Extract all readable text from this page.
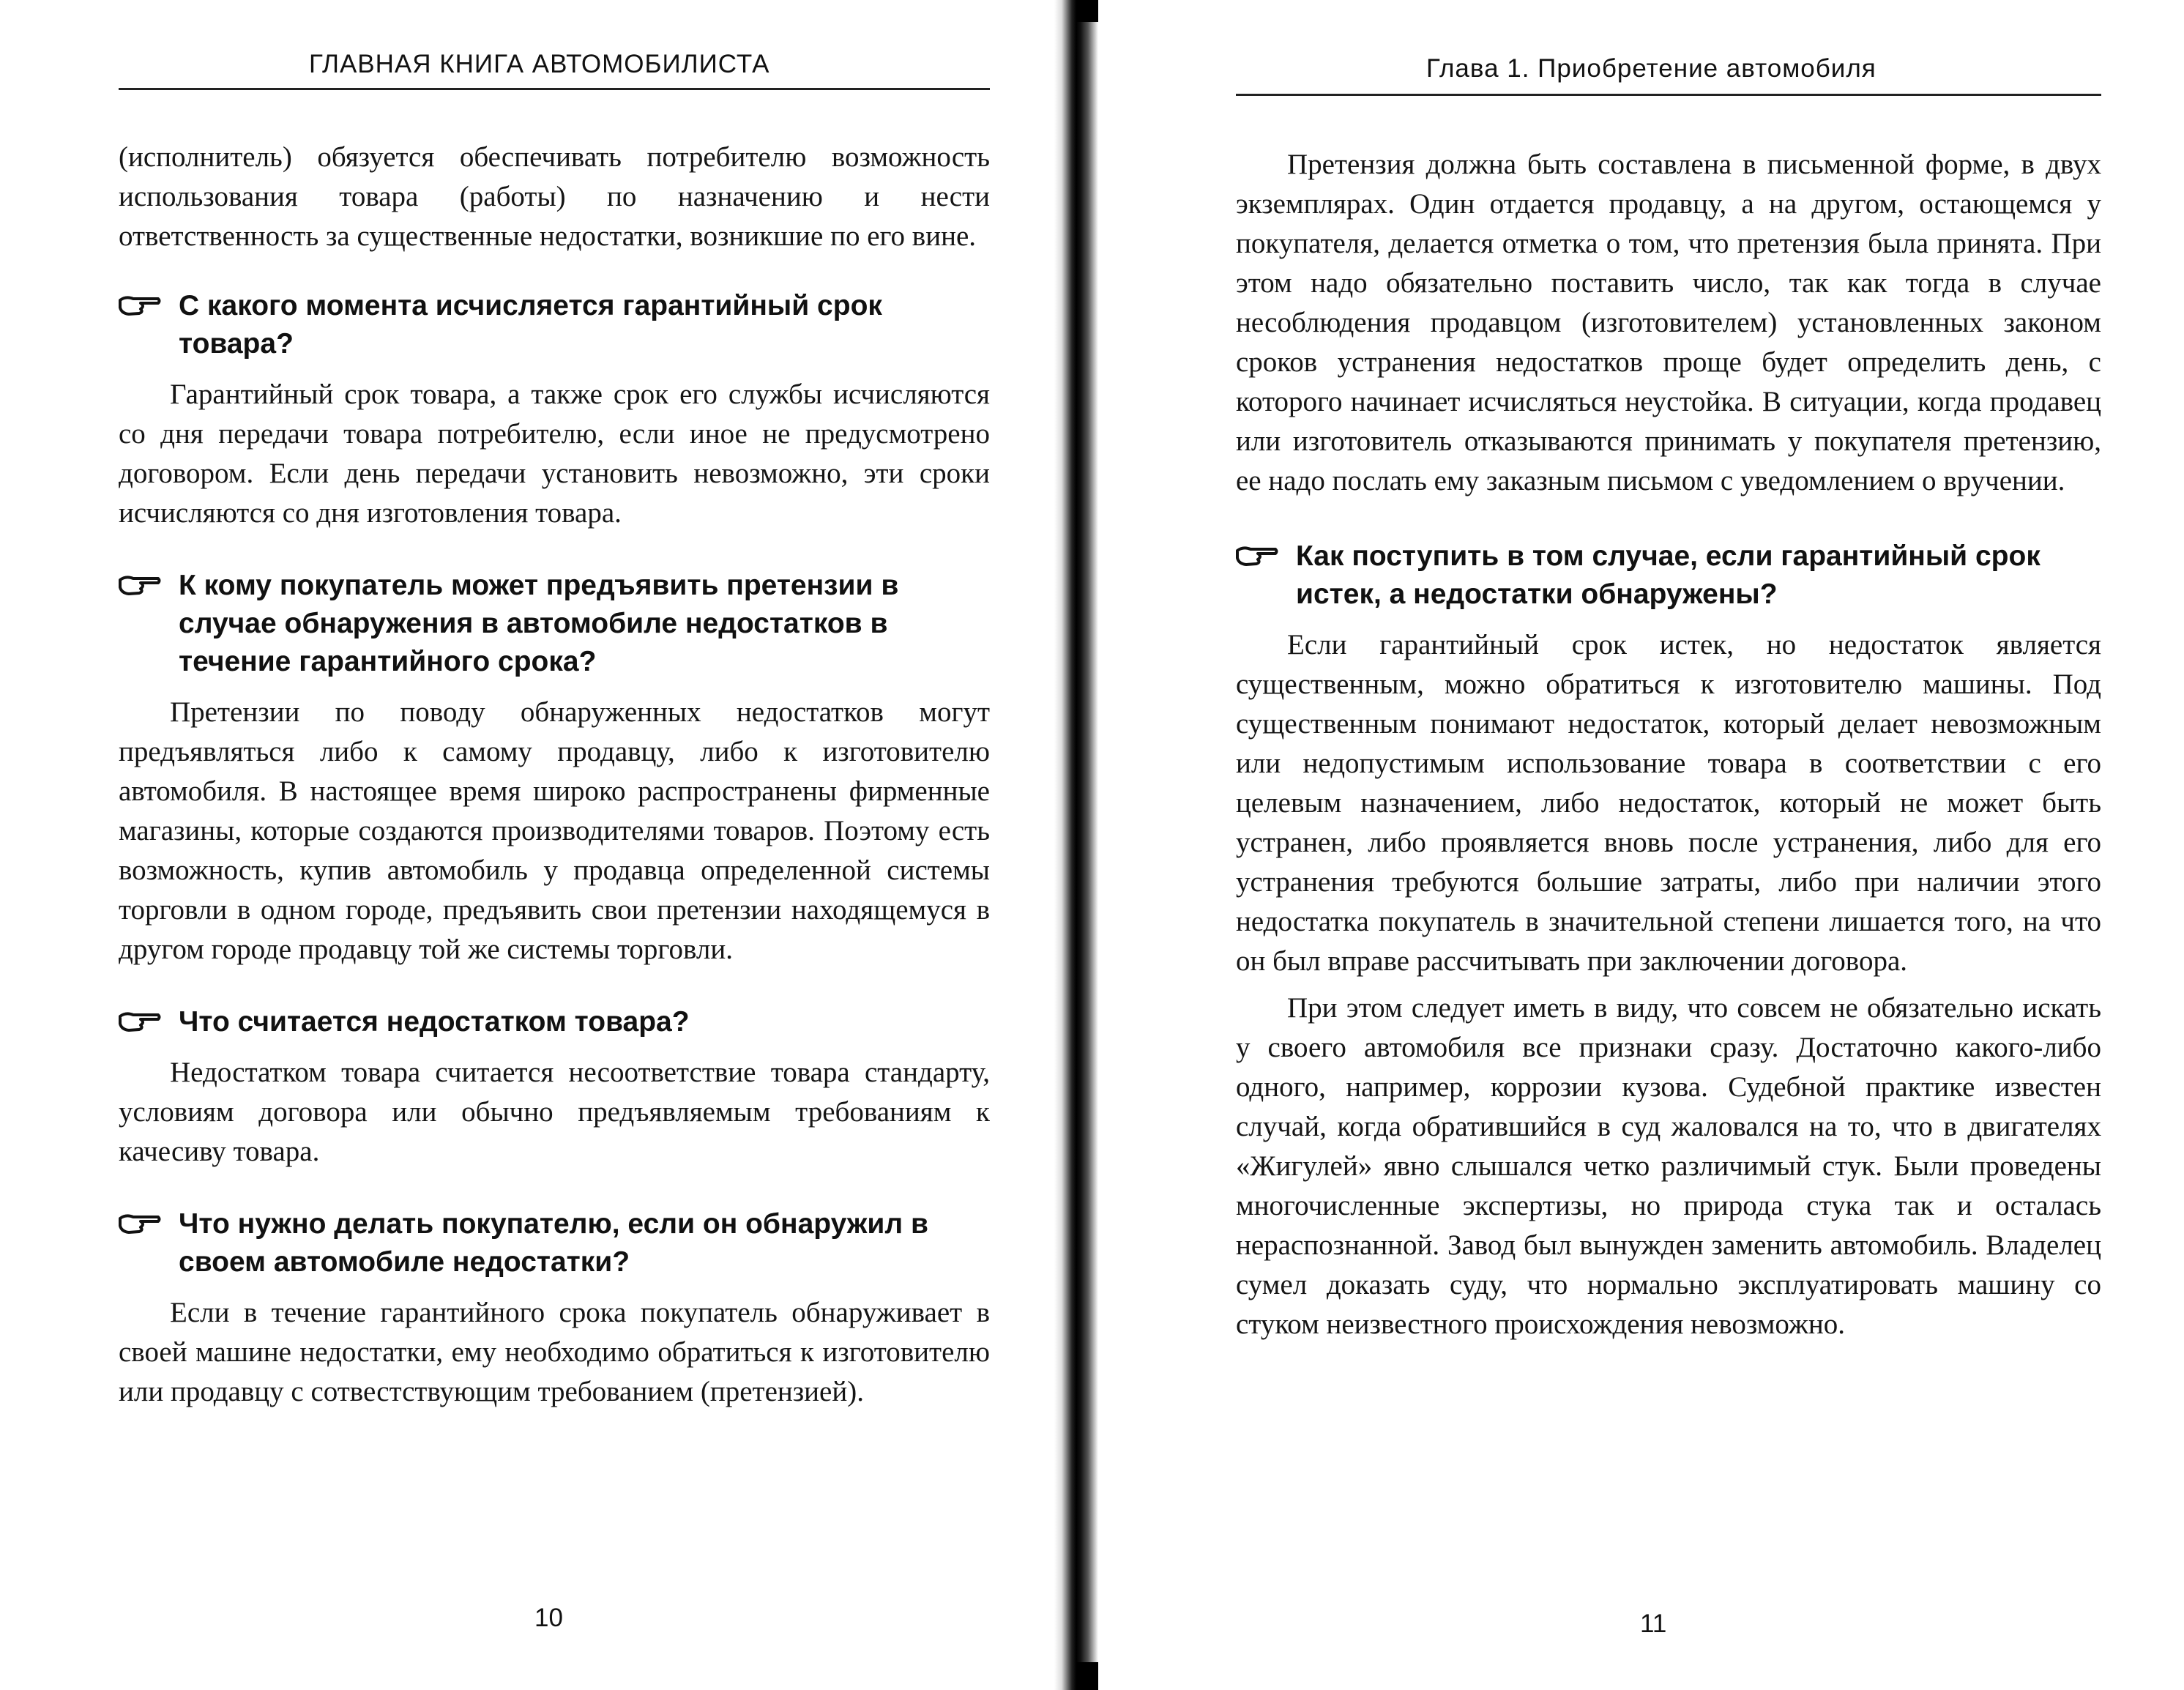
ГЛАВНАЯ КНИГА АВТОМОБИЛИСТА

(исполнитель) обязуется обеспечивать потребителю возможность использования товара (работы) по назначению и нести ответственность за существенные недостатки, возникшие по его вине.

С какого момента исчисляется гарантийный срок товара?

Гарантийный срок товара, а также срок его службы исчисляются со дня передачи товара потребителю, если иное не предусмотрено договором. Если день передачи установить невозможно, эти сроки исчисляются со дня изготовления товара.

К кому покупатель может предъявить претензии в случае обнаружения в автомобиле недостатков в течение гарантийного срока?

Претензии по поводу обнаруженных недостатков могут предъявляться либо к самому продавцу, либо к изготовителю автомобиля. В настоящее время широко распространены фирменные магазины, которые создаются производителями товаров. Поэтому есть возможность, купив автомобиль у продавца определенной системы торговли в одном городе, предъявить свои претензии находящемуся в другом городе продавцу той же системы торговли.

Что считается недостатком товара?

Недостатком товара считается несоответствие товара стандарту, условиям договора или обычно предъявляемым требованиям к качесиву товара.

Что нужно делать покупателю, если он обнаружил в своем автомобиле недостатки?

Если в течение гарантийного срока покупатель обнаруживает в своей машине недостатки, ему необходимо обратиться к изготовителю или продавцу с сотвестствующим требованием (претензией).

10
Глава 1. Приобретение автомобиля

Претензия должна быть составлена в письменной форме, в двух экземплярах. Один отдается продавцу, а на другом, остающемся у покупателя, делается отметка о том, что претензия была принята. При этом надо обязательно поставить число, так как тогда в случае несоблюдения продавцом (изготовителем) установленных законом сроков устранения недостатков проще будет определить день, с которого начинает исчисляться неустойка. В ситуации, когда продавец или изготовитель отказываются принимать у покупателя претензию, ее надо послать ему заказным письмом с уведомлением о вручении.

Как поступить в том случае, если гарантийный срок истек, а недостатки обнаружены?

Если гарантийный срок истек, но недостаток является существенным, можно обратиться к изготовителю машины. Под существенным понимают недостаток, который делает невозможным или недопустимым использование товара в соответствии с его целевым назначением, либо недостаток, который не может быть устранен, либо проявляется вновь после устранения, либо для его устранения требуются большие затраты, либо при наличии этого недостатка покупатель в значительной степени лишается того, на что он был вправе рассчитывать при заключении договора.

При этом следует иметь в виду, что совсем не обязательно искать у своего автомобиля все признаки сразу. Достаточно какого-либо одного, например, коррозии кузова. Судебной практике известен случай, когда обратившийся в суд жаловался на то, что в двигателях «Жигулей» явно слышался четко различимый стук. Были проведены многочисленные экспертизы, но природа стука так и осталась нераспознанной. Завод был вынужден заменить автомобиль. Владелец сумел доказать суду, что нормально эксплуатировать машину со стуком неизвестного происхождения невозможно.

11
